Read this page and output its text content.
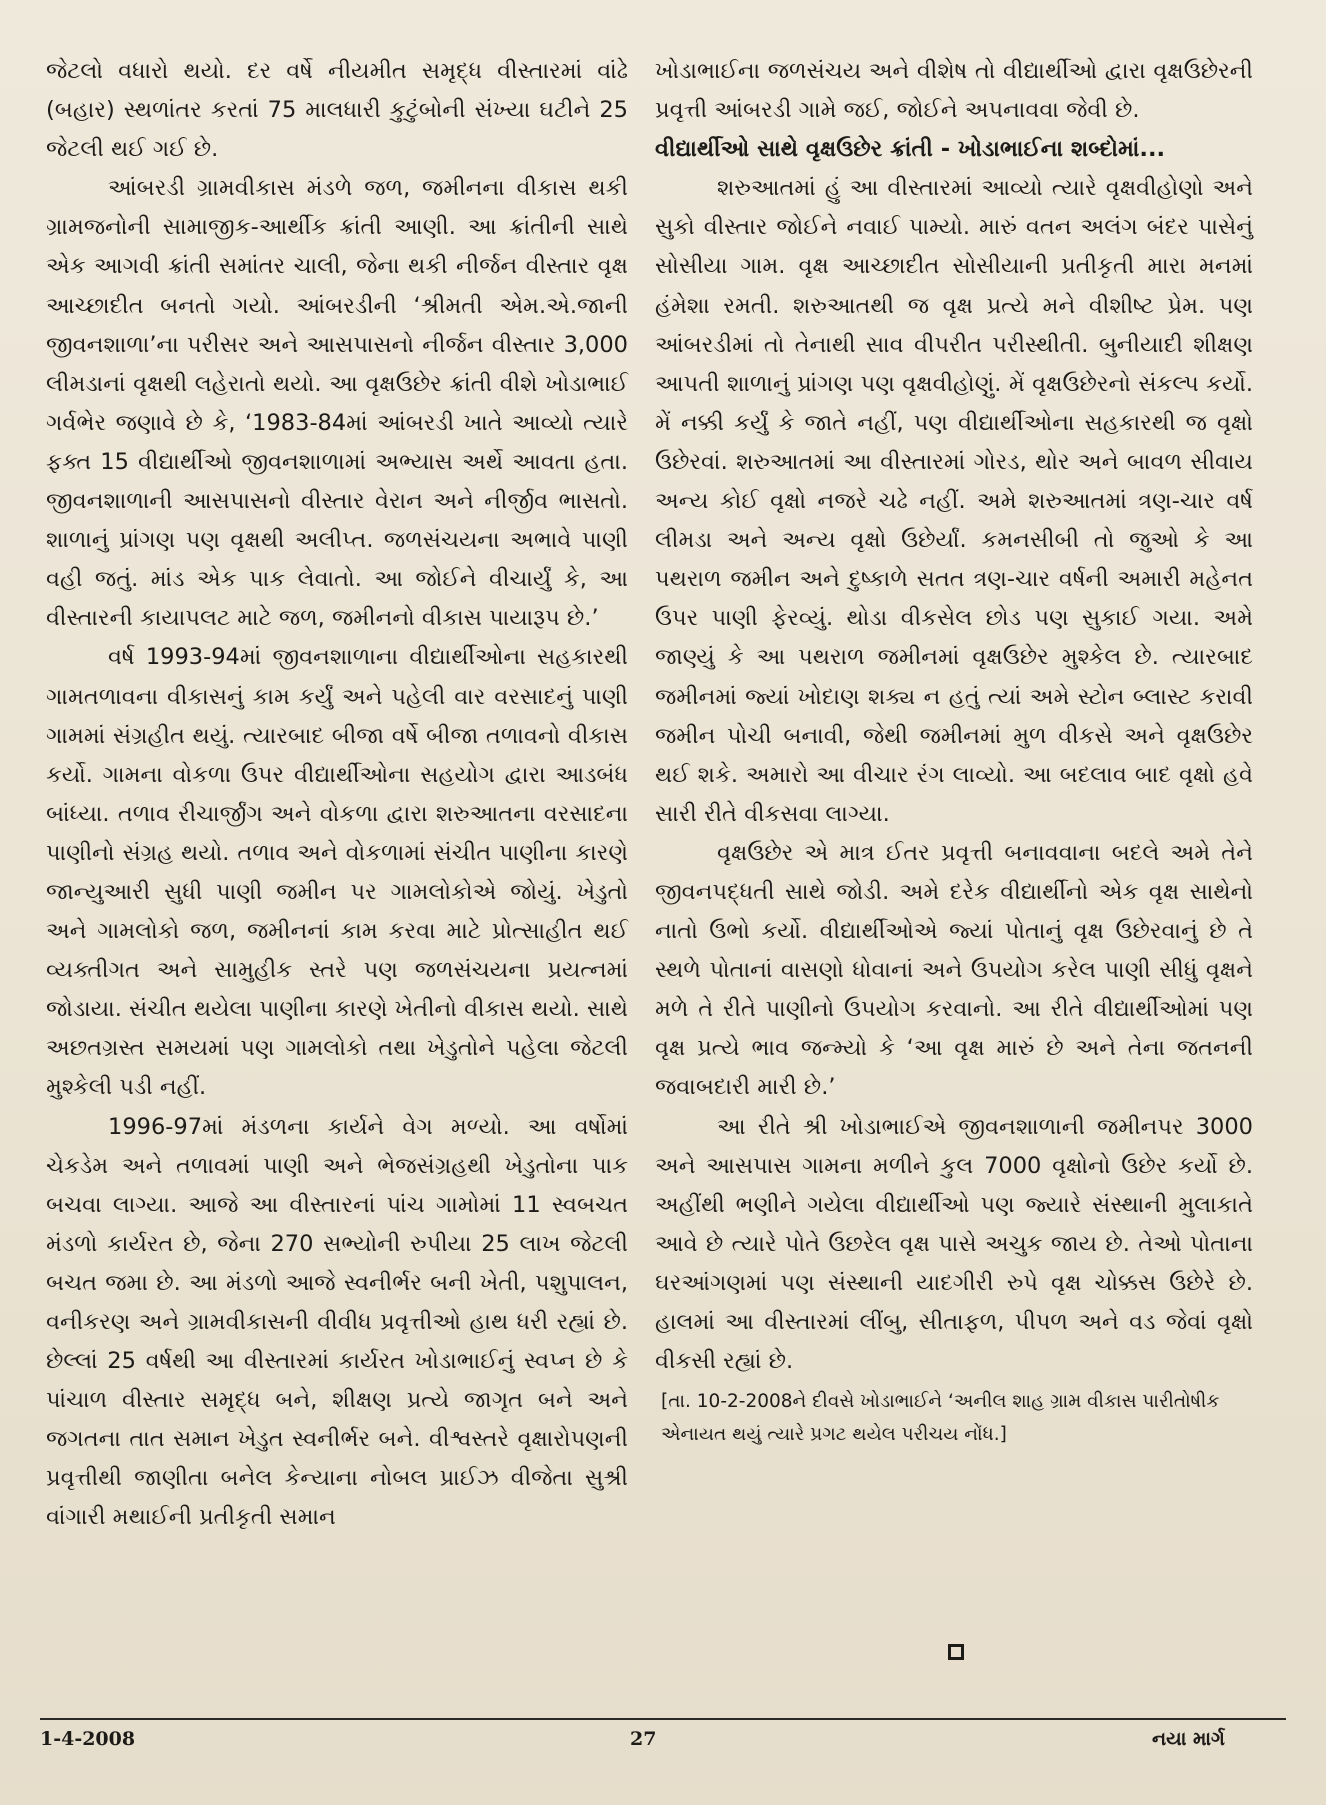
જેટલો વધારો થયો. દર વર્ષે નીયમીત સમૃદ્ધ વીસ્તારમાં વાંઢે (બહાર) સ્થળાંતર કરતાં 75 માલધારી કુટુંબોની સંખ્યા ઘટીને 25 જેટલી થઈ ગઈ છે.

આંબરડી ગ્રામવીકાસ મંડળે જળ, જમીનના વીકાસ થકી ગ્રામજનોની સામાજીક-આર્થીક ક્રાંતી આણી. આ ક્રાંતીની સાથે એક આગવી ક્રાંતી સમાંતર ચાલી, જેના થકી નીર્જન વીસ્તાર વૃક્ષ આચ્છાદીત બનતો ગયો. આંબરડીની ‘શ્રીમતી એમ.એ.જાની જીવનશાળા’ના પરીસર અને આસપાસનો નીર્જન વીસ્તાર 3,000 લીમડાનાં વૃક્ષથી લહેરાતો થયો. આ વૃક્ષઉછેર ક્રાંતી વીશે ખોડાભાઈ ગર્વભેર જણાવે છે કે, ‘1983-84માં આંબરડી ખાતે આવ્યો ત્યારે ફક્ત 15 વીદ્યાર્થીઓ જીવનશાળામાં અભ્યાસ અર્થે આવતા હતા. જીવનશાળાની આસપાસનો વીસ્તાર વેરાન અને નીર્જીવ ભાસતો. શાળાનું પ્રાંગણ પણ વૃક્ષથી અલીપ્ત. જળસંચયના અભાવે પાણી વહી જતું. માંડ એક પાક લેવાતો. આ જોઈને વીચાર્યું કે, આ વીસ્તારની કાયાપલટ માટે જળ, જમીનનો વીકાસ પાયારૂપ છે.’

વર્ષ 1993-94માં જીવનશાળાના વીદ્યાર્થીઓના સહકારથી ગામતળાવના વીકાસનું કામ કર્યું અને પહેલી વાર વરસાદનું પાણી ગામમાં સંગ્રહીત થયું. ત્યારબાદ બીજા વર્ષે બીજા તળાવનો વીકાસ કર્યો. ગામના વોકળા ઉપર વીદ્યાર્થીઓના સહયોગ દ્વારા આડબંધ બાંધ્યા. તળાવ રીચાર્જીંગ અને વોકળા દ્વારા શરુઆતના વરસાદના પાણીનો સંગ્રહ થયો. તળાવ અને વોકળામાં સંચીત પાણીના કારણે જાન્યુઆરી સુધી પાણી જમીન પર ગામલોકોએ જોયું. ખેડુતો અને ગામલોકો જળ, જમીનનાં કામ કરવા માટે પ્રોત્સાહીત થઈ વ્યક્તીગત અને સામુહીક સ્તરે પણ જળસંચયના પ્રયત્નમાં જોડાયા. સંચીત થયેલા પાણીના કારણે ખેતીનો વીકાસ થયો. સાથે અછતગ્રસ્ત સમયમાં પણ ગામલોકો તથા ખેડુતોને પહેલા જેટલી મુશ્કેલી પડી નહીં.

1996-97માં મંડળના કાર્યને વેગ મળ્યો. આ વર્ષોમાં ચેકડેમ અને તળાવમાં પાણી અને ભેજસંગ્રહથી ખેડુતોના પાક બચવા લાગ્યા. આજે આ વીસ્તારનાં પાંચ ગામોમાં 11 સ્વબચત મંડળો કાર્યરત છે, જેના 270 સભ્યોની રુપીયા 25 લાખ જેટલી બચત જમા છે. આ મંડળો આજે સ્વનીર્ભર બની ખેતી, પશુપાલન, વનીકરણ અને ગ્રામવીકાસની વીવીધ પ્રવૃત્તીઓ હાથ ધરી રહ્યાં છે. છેલ્લાં 25 વર્ષથી આ વીસ્તારમાં કાર્યરત ખોડાભાઈનું સ્વપ્ન છે કે પાંચાળ વીસ્તાર સમૃદ્ધ બને, શીક્ષણ પ્રત્યે જાગૃત બને અને જગતના તાત સમાન ખેડુત સ્વનીર્ભર બને. વીશ્વસ્તરે વૃક્ષારોપણની પ્રવૃત્તીથી જાણીતા બનેલ કેન્યાના નોબલ પ્રાઈઝ વીજેતા સુશ્રી વાંગારી મથાઈની પ્રતીકૃતી સમાન

ખોડાભાઈના જળસંચય અને વીશેષ તો વીદ્યાર્થીઓ દ્વારા વૃક્ષઉછેરની પ્રવૃત્તી આંબરડી ગામે જઈ, જોઈને અપનાવવા જેવી છે.

વીદ્યાર્થીઓ સાથે વૃક્ષઉછેર ક્રાંતી - ખોડાભાઈના શબ્દોમાં...

શરુઆતમાં હું આ વીસ્તારમાં આવ્યો ત્યારે વૃક્ષવીહોણો અને સુકો વીસ્તાર જોઈને નવાઈ પામ્યો. મારું વતન અલંગ બંદર પાસેનું સોસીયા ગામ. વૃક્ષ આચ્છાદીત સોસીયાની પ્રતીકૃતી મારા મનમાં હંમેશા રમતી. શરુઆતથી જ વૃક્ષ પ્રત્યે મને વીશીષ્ટ પ્રેમ. પણ આંબરડીમાં તો તેનાથી સાવ વીપરીત પરીસ્થીતી. બુનીયાદી શીક્ષણ આપતી શાળાનું પ્રાંગણ પણ વૃક્ષવીહોણું. મેં વૃક્ષઉછેરનો સંકલ્પ કર્યો. મેં નક્કી કર્યું કે જાતે નહીં, પણ વીદ્યાર્થીઓના સહકારથી જ વૃક્ષો ઉછેરવાં. શરુઆતમાં આ વીસ્તારમાં ગોરડ, થોર અને બાવળ સીવાય અન્ય કોઈ વૃક્ષો નજરે ચઢે નહીં. અમે શરુઆતમાં ત્રણ-ચાર વર્ષ લીમડા અને અન્ય વૃક્ષો ઉછેર્યાં. કમનસીબી તો જુઓ કે આ પથરાળ જમીન અને દુષ્કાળે સતત ત્રણ-ચાર વર્ષની અમારી મહેનત ઉપર પાણી ફેરવ્યું. થોડા વીકસેલ છોડ પણ સુકાઈ ગયા. અમે જાણ્યું કે આ પથરાળ જમીનમાં વૃક્ષઉછેર મુશ્કેલ છે. ત્યારબાદ જમીનમાં જ્યાં ખોદાણ શક્ય ન હતું ત્યાં અમે સ્ટોન બ્લાસ્ટ કરાવી જમીન પોચી બનાવી, જેથી જમીનમાં મુળ વીકસે અને વૃક્ષઉછેર થઈ શકે. અમારો આ વીચાર રંગ લાવ્યો. આ બદલાવ બાદ વૃક્ષો હવે સારી રીતે વીકસવા લાગ્યા.

વૃક્ષઉછેર એ માત્ર ઈતર પ્રવૃત્તી બનાવવાના બદલે અમે તેને જીવનપદ્ધતી સાથે જોડી. અમે દરેક વીદ્યાર્થીનો એક વૃક્ષ સાથેનો નાતો ઉભો કર્યો. વીદ્યાર્થીઓએ જ્યાં પોતાનું વૃક્ષ ઉછેરવાનું છે તે સ્થળે પોતાનાં વાસણો ધોવાનાં અને ઉપયોગ કરેલ પાણી સીધું વૃક્ષને મળે તે રીતે પાણીનો ઉપયોગ કરવાનો. આ રીતે વીદ્યાર્થીઓમાં પણ વૃક્ષ પ્રત્યે ભાવ જન્મ્યો કે ‘આ વૃક્ષ મારું છે અને તેના જતનની જવાબદારી મારી છે.’

આ રીતે શ્રી ખોડાભાઈએ જીવનશાળાની જમીનપર 3000 અને આસપાસ ગામના મળીને કુલ 7000 વૃક્ષોનો ઉછેર કર્યો છે. અહીંથી ભણીને ગયેલા વીદ્યાર્થીઓ પણ જ્યારે સંસ્થાની મુલાકાતે આવે છે ત્યારે પોતે ઉછરેલ વૃક્ષ પાસે અચુક જાય છે. તેઓ પોતાના ઘરઆંગણમાં પણ સંસ્થાની યાદગીરી રુપે વૃક્ષ ચોક્કસ ઉછેરે છે. હાલમાં આ વીસ્તારમાં લીંબુ, સીતાફળ, પીપળ અને વડ જેવાં વૃક્ષો વીકસી રહ્યાં છે.

[તા. 10-2-2008ને દીવસે ખોડાભાઈને ‘અનીલ શાહ ગ્રામ વીકાસ પારીતોષીક એનાયત થયું ત્યારે પ્રગટ થયેલ પરીચય નોંધ.]

1-4-2008	27	નયા માર્ગ
